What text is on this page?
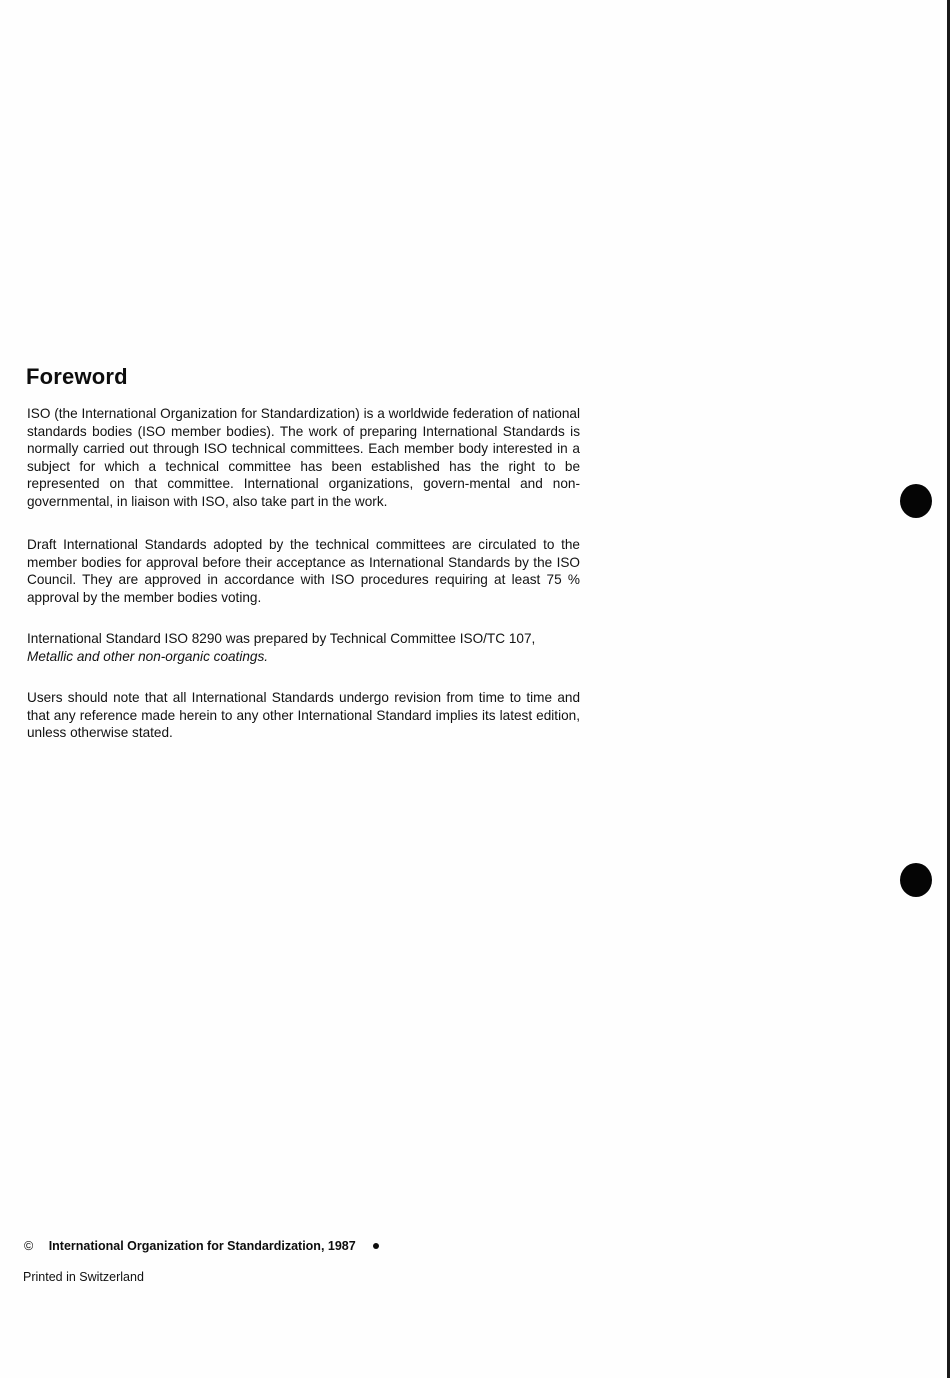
Foreword

ISO (the International Organization for Standardization) is a worldwide federation of national standards bodies (ISO member bodies). The work of preparing International Standards is normally carried out through ISO technical committees. Each member body interested in a subject for which a technical committee has been established has the right to be represented on that committee. International organizations, govern-mental and non-governmental, in liaison with ISO, also take part in the work.

Draft International Standards adopted by the technical committees are circulated to the member bodies for approval before their acceptance as International Standards by the ISO Council. They are approved in accordance with ISO procedures requiring at least 75 % approval by the member bodies voting.

International Standard ISO 8290 was prepared by Technical Committee ISO/TC 107,
Metallic and other non-organic coatings.

Users should note that all International Standards undergo revision from time to time and that any reference made herein to any other International Standard implies its latest edition, unless otherwise stated.

© International Organization for Standardization, 1987
Printed in Switzerland
